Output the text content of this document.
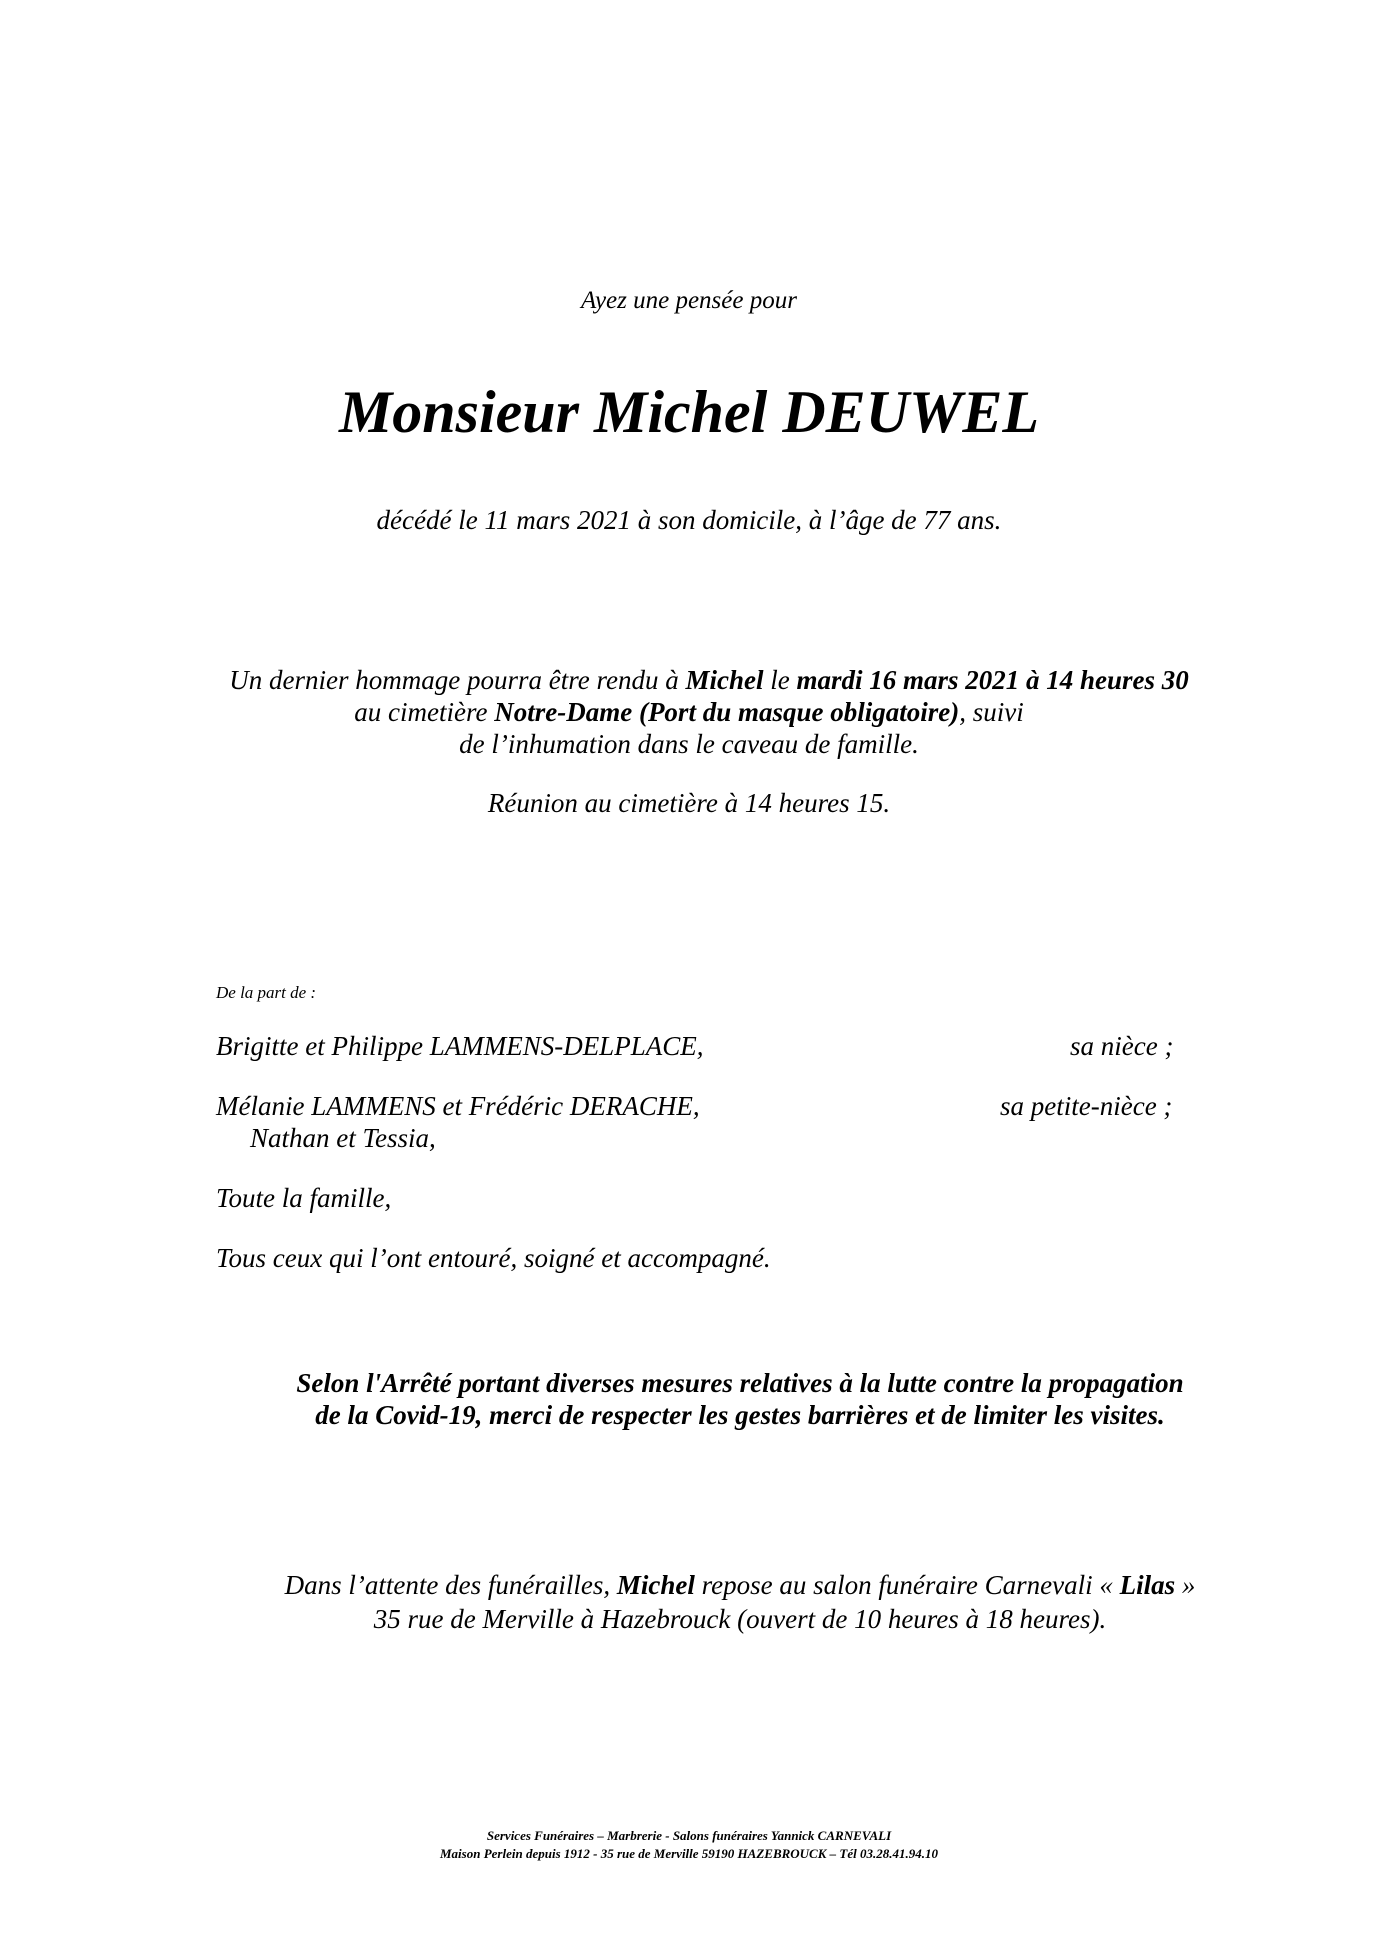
Ayez une pensée pour
Monsieur Michel DEUWEL
décédé le 11 mars 2021 à son domicile, à l’âge de 77 ans.
Un dernier hommage pourra être rendu à Michel le mardi 16 mars 2021 à 14 heures 30
au cimetière Notre-Dame (Port du masque obligatoire), suivi
de l’inhumation dans le caveau de famille.
Réunion au cimetière à 14 heures 15.
De la part de :
Brigitte et Philippe LAMMENS-DELPLACE,	sa nièce ;
Mélanie LAMMENS et Frédéric DERACHE,	sa petite-nièce ;
Nathan et Tessia,
Toute la famille,
Tous ceux qui l’ont entouré, soigné et accompagné.
Selon l'Arrêté portant diverses mesures relatives à la lutte contre la propagation
de la Covid-19, merci de respecter les gestes barrières et de limiter les visites.
Dans l’attente des funérailles, Michel repose au salon funéraire Carnevali « Lilas »
35 rue de Merville à Hazebrouck (ouvert de 10 heures à 18 heures).
Services Funéraires – Marbrerie - Salons funéraires Yannick CARNEVALI
Maison Perlein depuis 1912 - 35 rue de Merville 59190 HAZEBROUCK – Tél 03.28.41.94.10
